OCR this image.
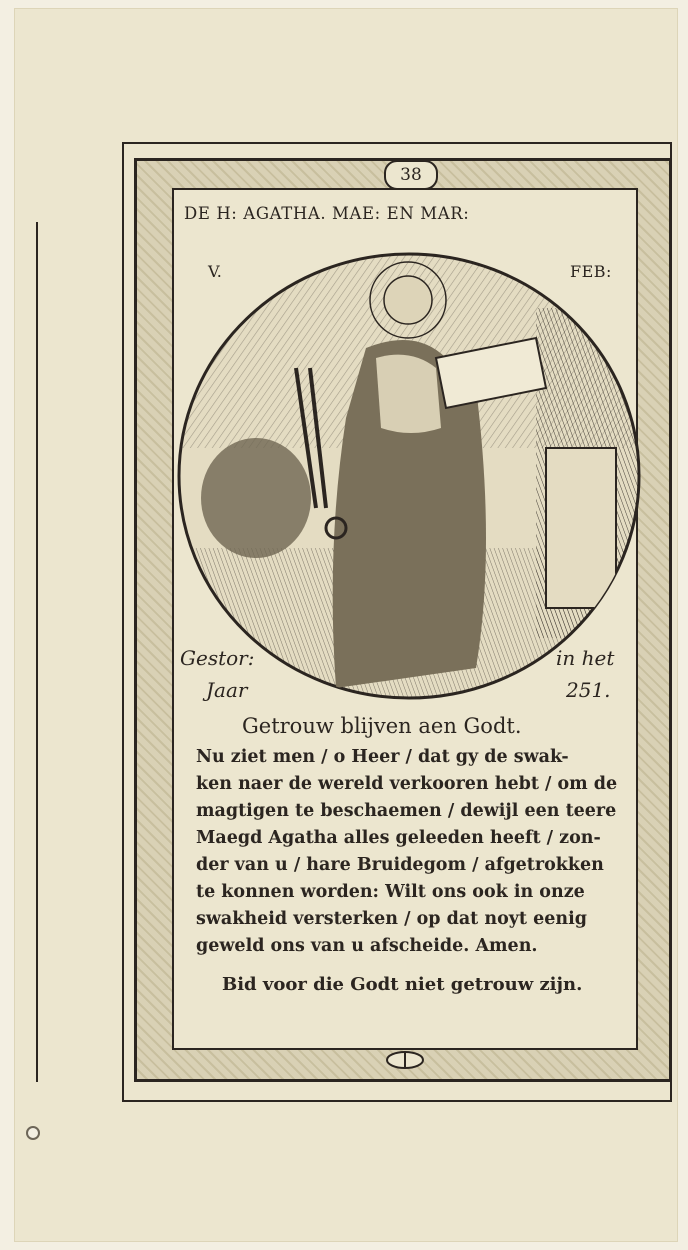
38
DE H: AGATHA. MAE: EN MAR:
V.	FEB:
Gestor:	in het
Jaar	251.
Getrouw blijven aen Godt.
Nu ziet men / o Heer / dat gy de swak-
ken naer de wereld verkooren hebt / om de
magtigen te beschaemen / dewijl een teere
Maegd Agatha alles geleeden heeft / zon-
der van u / hare Bruidegom / afgetrokken
te konnen worden: Wilt ons ook in onze
swakheid versterken / op dat noyt eenig
geweld ons van u afscheide. Amen.
Bid voor die Godt niet getrouw zijn.
